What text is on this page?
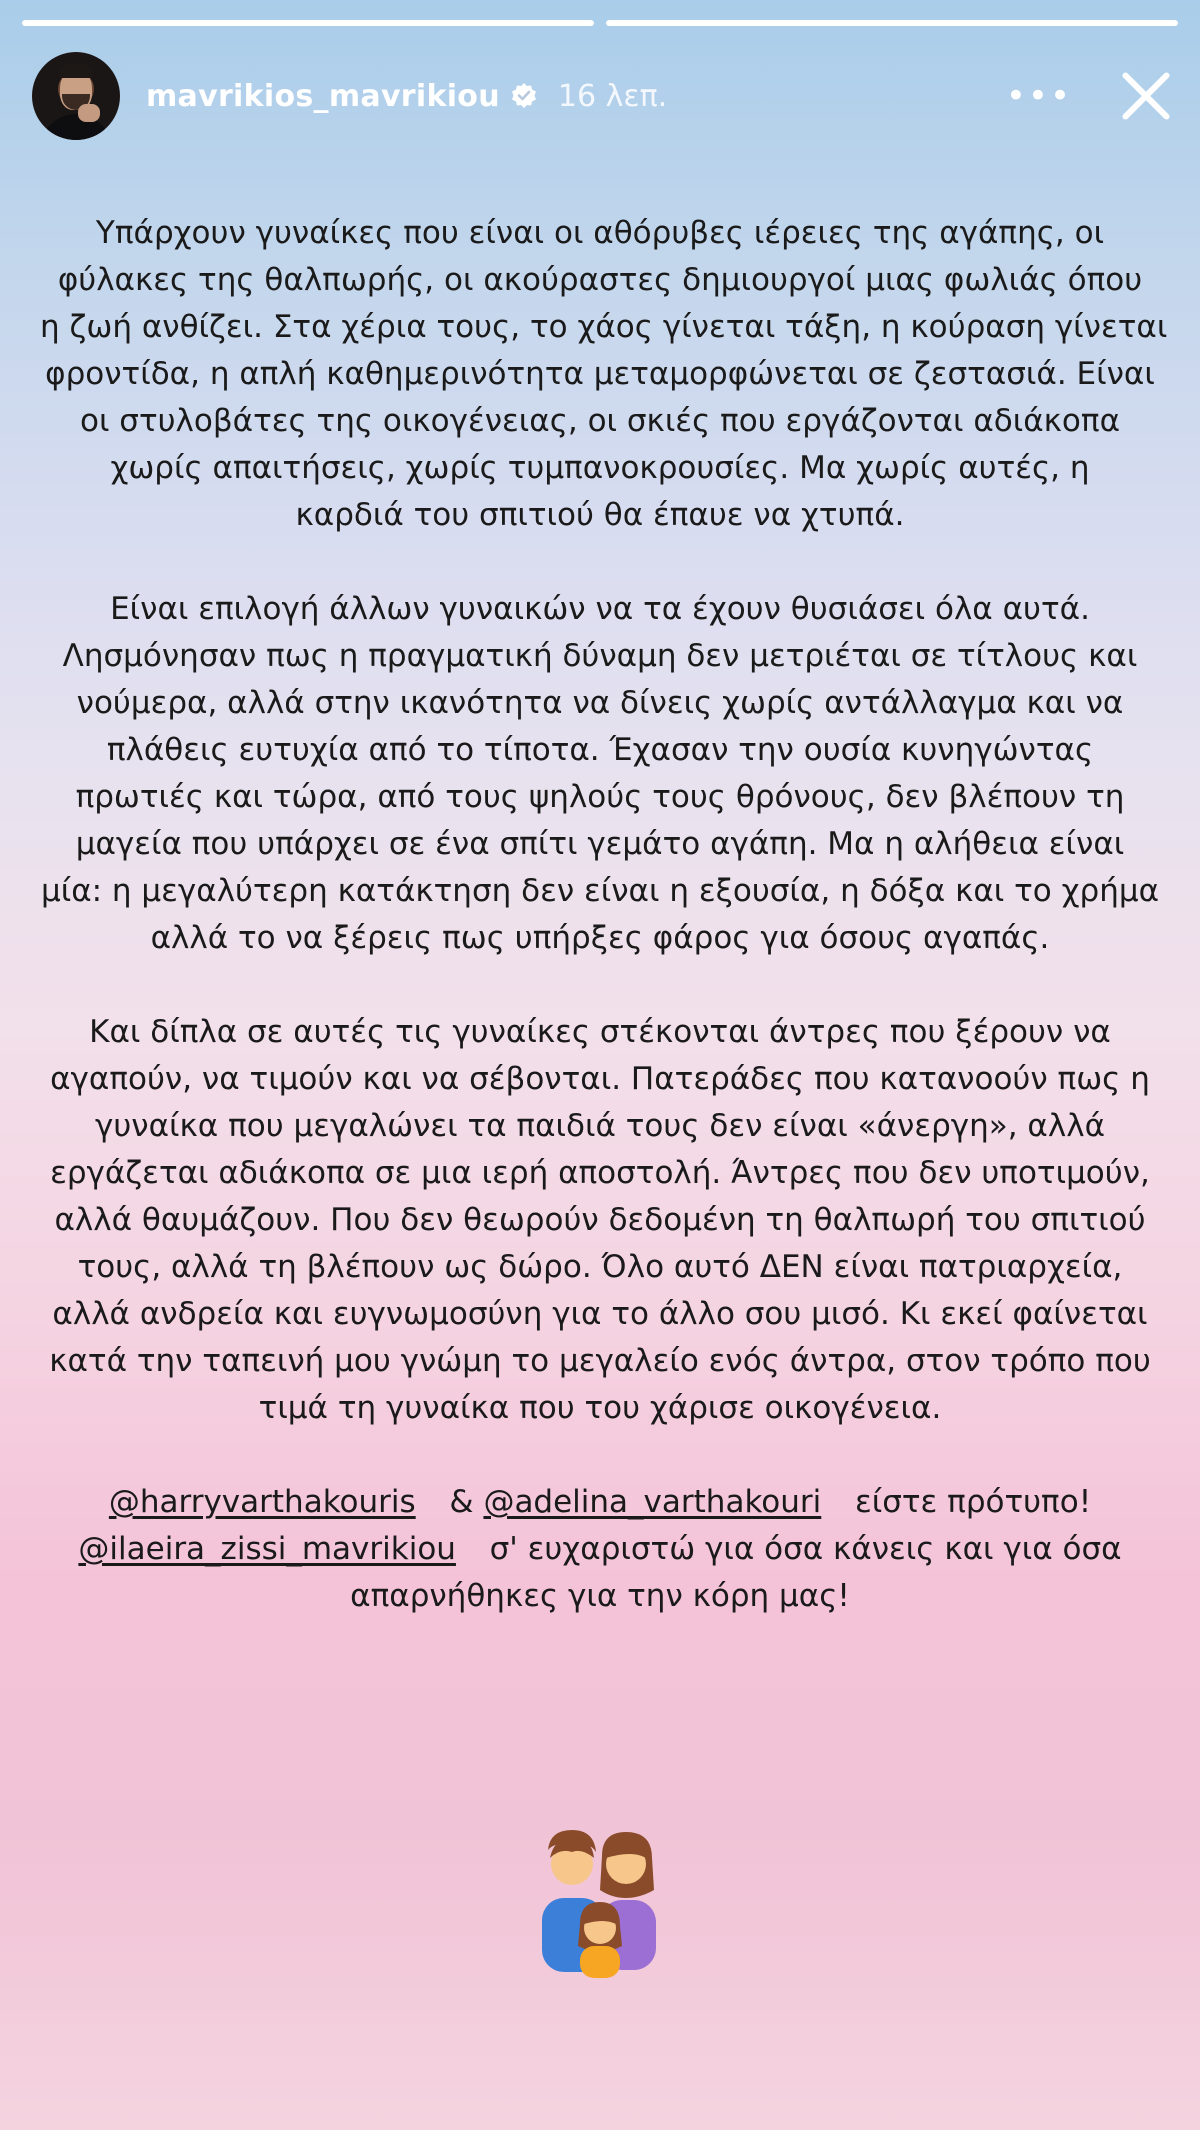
mavrikios_mavrikiou 16 λεπ.	•••
Υπάρχουν γυναίκες που είναι οι αθόρυβες ιέρειες της αγάπης, οι
φύλακες της θαλπωρής, οι ακούραστες δημιουργοί μιας φωλιάς όπου
η ζωή ανθίζει. Στα χέρια τους, το χάος γίνεται τάξη, η κούραση γίνεται
φροντίδα, η απλή καθημερινότητα μεταμορφώνεται σε ζεστασιά. Είναι
οι στυλοβάτες της οικογένειας, οι σκιές που εργάζονται αδιάκοπα
χωρίς απαιτήσεις, χωρίς τυμπανοκρουσίες. Μα χωρίς αυτές, η
καρδιά του σπιτιού θα έπαυε να χτυπά.
Είναι επιλογή άλλων γυναικών να τα έχουν θυσιάσει όλα αυτά.
Λησμόνησαν πως η πραγματική δύναμη δεν μετριέται σε τίτλους και
νούμερα, αλλά στην ικανότητα να δίνεις χωρίς αντάλλαγμα και να
πλάθεις ευτυχία από το τίποτα. Έχασαν την ουσία κυνηγώντας
πρωτιές και τώρα, από τους ψηλούς τους θρόνους, δεν βλέπουν τη
μαγεία που υπάρχει σε ένα σπίτι γεμάτο αγάπη. Μα η αλήθεια είναι
μία: η μεγαλύτερη κατάκτηση δεν είναι η εξουσία, η δόξα και το χρήμα
αλλά το να ξέρεις πως υπήρξες φάρος για όσους αγαπάς.
Και δίπλα σε αυτές τις γυναίκες στέκονται άντρες που ξέρουν να
αγαπούν, να τιμούν και να σέβονται. Πατεράδες που κατανοούν πως η
γυναίκα που μεγαλώνει τα παιδιά τους δεν είναι «άνεργη», αλλά
εργάζεται αδιάκοπα σε μια ιερή αποστολή. Άντρες που δεν υποτιμούν,
αλλά θαυμάζουν. Που δεν θεωρούν δεδομένη τη θαλπωρή του σπιτιού
τους, αλλά τη βλέπουν ως δώρο. Όλο αυτό ΔΕΝ είναι πατριαρχεία,
αλλά ανδρεία και ευγνωμοσύνη για το άλλο σου μισό. Κι εκεί φαίνεται
κατά την ταπεινή μου γνώμη το μεγαλείο ενός άντρα, στον τρόπο που
τιμά τη γυναίκα που του χάρισε οικογένεια.
@harryvarthakouris & @adelina_varthakouri είστε πρότυπο!
@ilaeira_zissi_mavrikiou σ' ευχαριστώ για όσα κάνεις και για όσα
απαρνήθηκες για την κόρη μας!
